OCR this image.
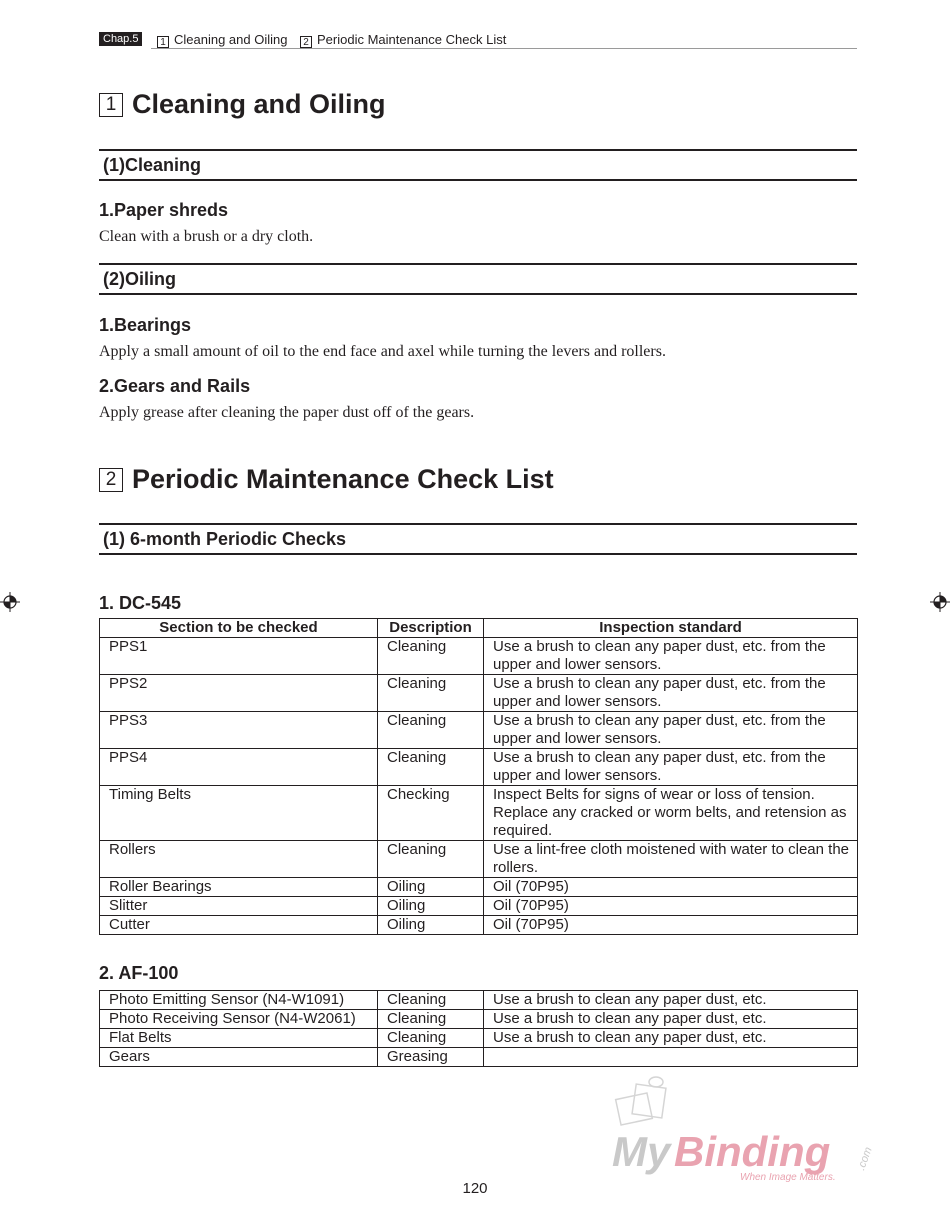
Chap.5	1 Cleaning and Oiling	2 Periodic Maintenance Check List
1 Cleaning and Oiling
(1)Cleaning
1.Paper shreds
Clean with a brush or a dry cloth.
(2)Oiling
1.Bearings
Apply a small amount of oil to the end face and axel while turning the levers and rollers.
2.Gears and Rails
Apply grease after cleaning the paper dust off of the gears.
2 Periodic Maintenance Check List
(1) 6-month Periodic Checks
1. DC-545
Section to be checked	Description	Inspection standard
PPS1	Cleaning	Use a brush to clean any paper dust, etc. from the upper and lower sensors.
PPS2	Cleaning	Use a brush to clean any paper dust, etc. from the upper and lower sensors.
PPS3	Cleaning	Use a brush to clean any paper dust, etc. from the upper and lower sensors.
PPS4	Cleaning	Use a brush to clean any paper dust, etc. from the upper and lower sensors.
Timing Belts	Checking	Inspect Belts for signs of wear or loss of tension. Replace any cracked or worm belts, and retension as required.
Rollers	Cleaning	Use a lint-free cloth moistened with water to clean the rollers.
Roller Bearings	Oiling	Oil (70P95)
Slitter	Oiling	Oil (70P95)
Cutter	Oiling	Oil (70P95)
2. AF-100
Photo Emitting Sensor (N4-W1091)	Cleaning	Use a brush to clean any paper dust, etc.
Photo Receiving Sensor (N4-W2061)	Cleaning	Use a brush to clean any paper dust, etc.
Flat Belts	Cleaning	Use a brush to clean any paper dust, etc.
Gears	Greasing	
My Binding .com
When Image Matters.
120
